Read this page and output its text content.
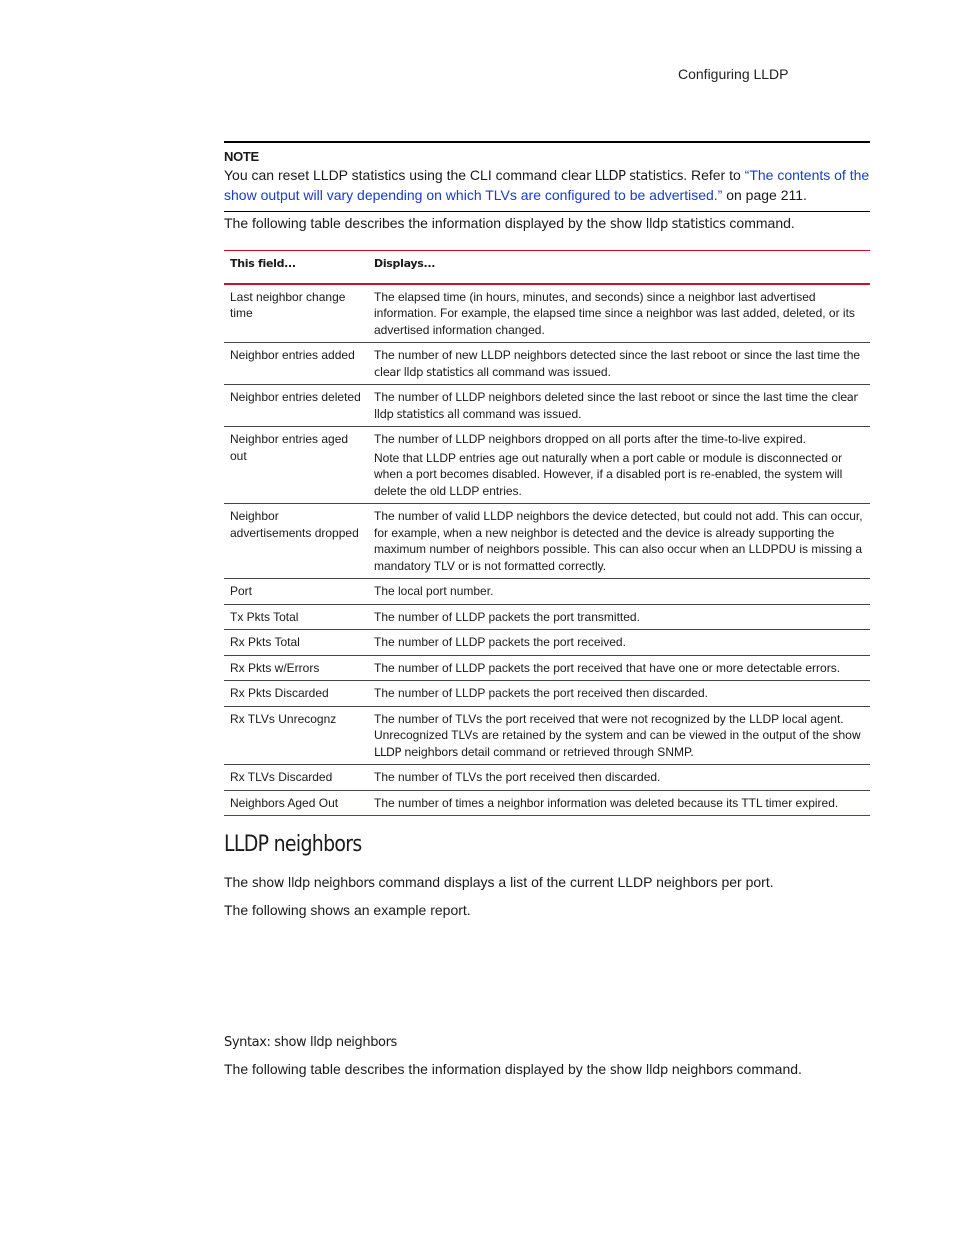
Configuring LLDP
NOTE
You can reset LLDP statistics using the CLI command clear LLDP statistics. Refer to “The contents of the show output will vary depending on which TLVs are configured to be advertised.” on page 211.
The following table describes the information displayed by the show lldp statistics command.
This field...	Displays...
Last neighbor change time	The elapsed time (in hours, minutes, and seconds) since a neighbor last advertised information. For example, the elapsed time since a neighbor was last added, deleted, or its advertised information changed.
Neighbor entries added	The number of new LLDP neighbors detected since the last reboot or since the last time the clear lldp statistics all command was issued.
Neighbor entries deleted	The number of LLDP neighbors deleted since the last reboot or since the last time the clear lldp statistics all command was issued.
Neighbor entries aged out	The number of LLDP neighbors dropped on all ports after the time-to-live expired.
Note that LLDP entries age out naturally when a port cable or module is disconnected or when a port becomes disabled. However, if a disabled port is re-enabled, the system will delete the old LLDP entries.

Neighbor advertisements dropped	The number of valid LLDP neighbors the device detected, but could not add. This can occur, for example, when a new neighbor is detected and the device is already supporting the maximum number of neighbors possible. This can also occur when an LLDPDU is missing a mandatory TLV or is not formatted correctly.
Port	The local port number.
Tx Pkts Total	The number of LLDP packets the port transmitted.
Rx Pkts Total	The number of LLDP packets the port received.
Rx Pkts w/Errors	The number of LLDP packets the port received that have one or more detectable errors.
Rx Pkts Discarded	The number of LLDP packets the port received then discarded.
Rx TLVs Unrecognz	The number of TLVs the port received that were not recognized by the LLDP local agent. Unrecognized TLVs are retained by the system and can be viewed in the output of the show LLDP neighbors detail command or retrieved through SNMP.
Rx TLVs Discarded	The number of TLVs the port received then discarded.
Neighbors Aged Out	The number of times a neighbor information was deleted because its TTL timer expired.
LLDP neighbors
The show lldp neighbors command displays a list of the current LLDP neighbors per port.
The following shows an example report.
Syntax: show lldp neighbors
The following table describes the information displayed by the show lldp neighbors command.
